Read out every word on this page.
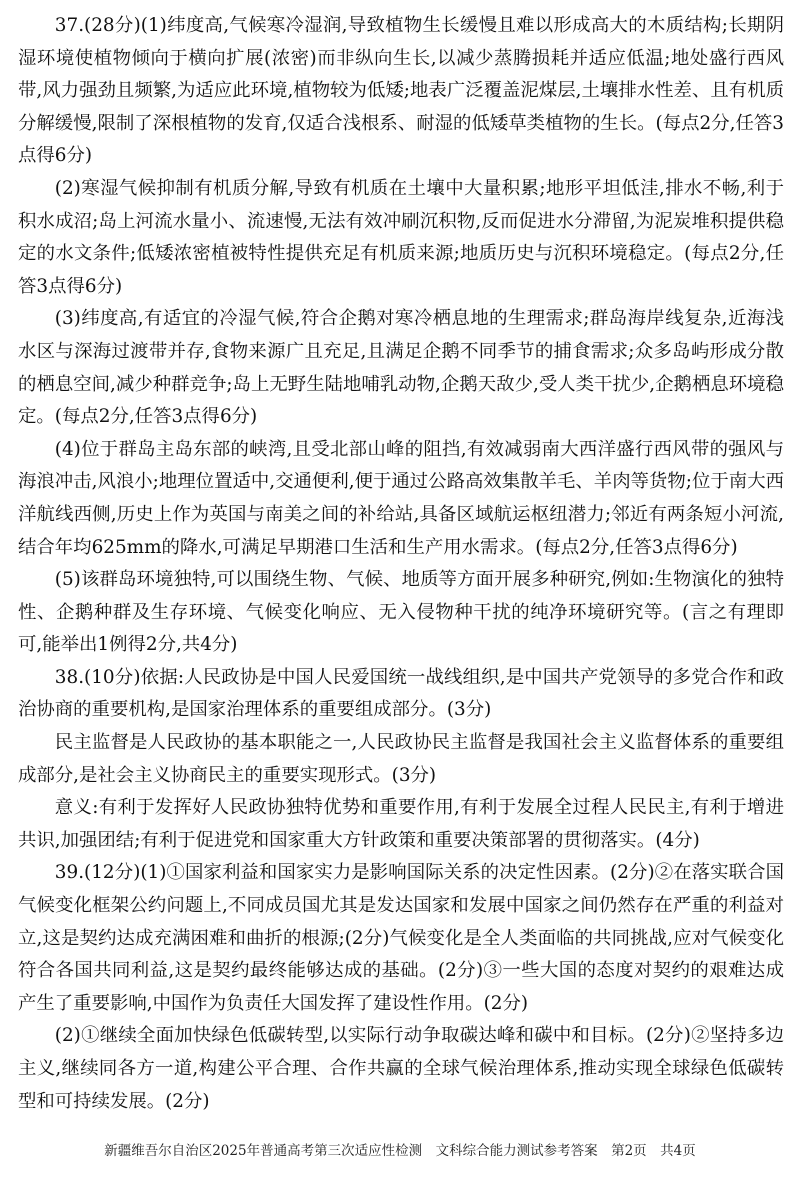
37.(28分)(1)纬度高,气候寒冷湿润,导致植物生长缓慢且难以形成高大的木质结构;长期阴湿环境使植物倾向于横向扩展(浓密)而非纵向生长,以减少蒸腾损耗并适应低温;地处盛行西风带,风力强劲且频繁,为适应此环境,植物较为低矮;地表广泛覆盖泥煤层,土壤排水性差、且有机质分解缓慢,限制了深根植物的发育,仅适合浅根系、耐湿的低矮草类植物的生长。(每点2分,任答3点得6分)

(2)寒湿气候抑制有机质分解,导致有机质在土壤中大量积累;地形平坦低洼,排水不畅,利于积水成沼;岛上河流水量小、流速慢,无法有效冲刷沉积物,反而促进水分滞留,为泥炭堆积提供稳定的水文条件;低矮浓密植被特性提供充足有机质来源;地质历史与沉积环境稳定。(每点2分,任答3点得6分)

(3)纬度高,有适宜的冷湿气候,符合企鹅对寒冷栖息地的生理需求;群岛海岸线复杂,近海浅水区与深海过渡带并存,食物来源广且充足,且满足企鹅不同季节的捕食需求;众多岛屿形成分散的栖息空间,减少种群竞争;岛上无野生陆地哺乳动物,企鹅天敌少,受人类干扰少,企鹅栖息环境稳定。(每点2分,任答3点得6分)

(4)位于群岛主岛东部的峡湾,且受北部山峰的阻挡,有效减弱南大西洋盛行西风带的强风与海浪冲击,风浪小;地理位置适中,交通便利,便于通过公路高效集散羊毛、羊肉等货物;位于南大西洋航线西侧,历史上作为英国与南美之间的补给站,具备区域航运枢纽潜力;邻近有两条短小河流,结合年均625mm的降水,可满足早期港口生活和生产用水需求。(每点2分,任答3点得6分)

(5)该群岛环境独特,可以围绕生物、气候、地质等方面开展多种研究,例如:生物演化的独特性、企鹅种群及生存环境、气候变化响应、无入侵物种干扰的纯净环境研究等。(言之有理即可,能举出1例得2分,共4分)

38.(10分)依据:人民政协是中国人民爱国统一战线组织,是中国共产党领导的多党合作和政治协商的重要机构,是国家治理体系的重要组成部分。(3分)

民主监督是人民政协的基本职能之一,人民政协民主监督是我国社会主义监督体系的重要组成部分,是社会主义协商民主的重要实现形式。(3分)

意义:有利于发挥好人民政协独特优势和重要作用,有利于发展全过程人民民主,有利于增进共识,加强团结;有利于促进党和国家重大方针政策和重要决策部署的贯彻落实。(4分)

39.(12分)(1)①国家利益和国家实力是影响国际关系的决定性因素。(2分)②在落实联合国气候变化框架公约问题上,不同成员国尤其是发达国家和发展中国家之间仍然存在严重的利益对立,这是契约达成充满困难和曲折的根源;(2分)气候变化是全人类面临的共同挑战,应对气候变化符合各国共同利益,这是契约最终能够达成的基础。(2分)③一些大国的态度对契约的艰难达成产生了重要影响,中国作为负责任大国发挥了建设性作用。(2分)

(2)①继续全面加快绿色低碳转型,以实际行动争取碳达峰和碳中和目标。(2分)②坚持多边主义,继续同各方一道,构建公平合理、合作共赢的全球气候治理体系,推动实现全球绿色低碳转型和可持续发展。(2分)

新疆维吾尔自治区2025年普通高考第三次适应性检测　文科综合能力测试参考答案　第2页　共4页
